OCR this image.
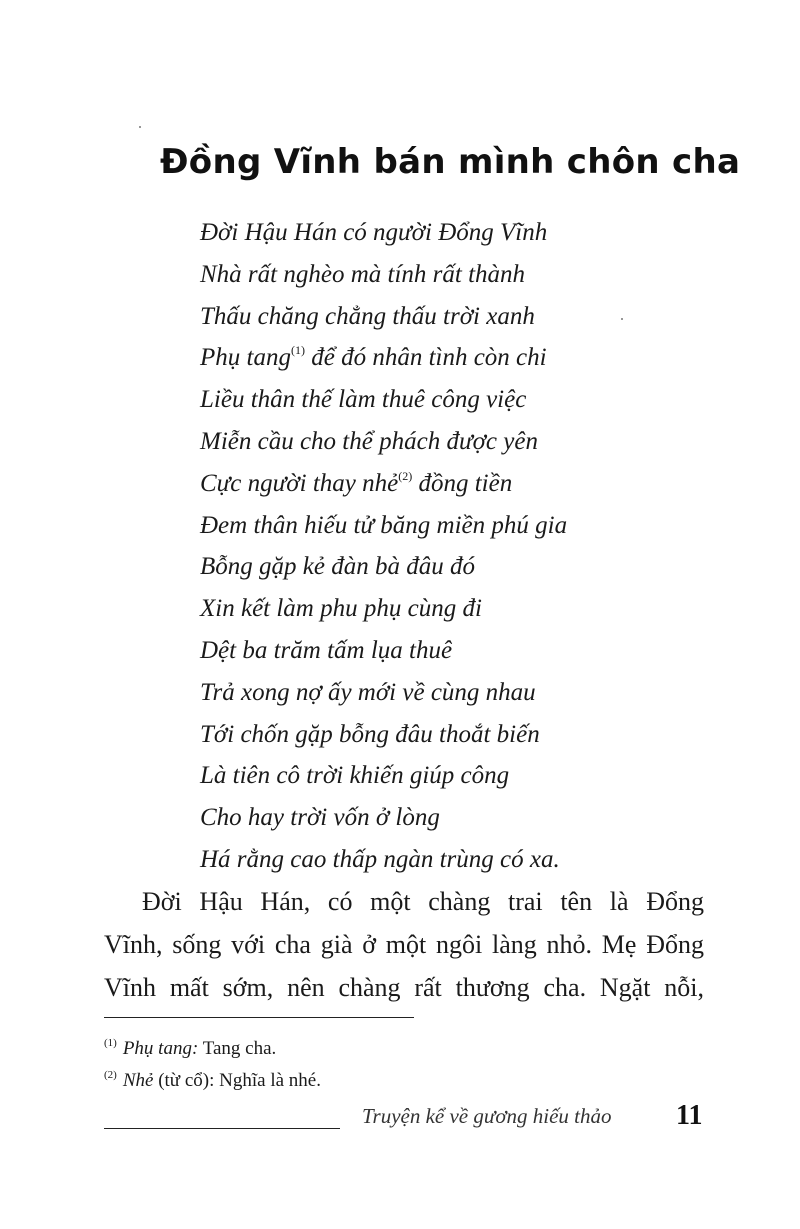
Đồng Vĩnh bán mình chôn cha
Đời Hậu Hán có người Đổng Vĩnh
Nhà rất nghèo mà tính rất thành
Thấu chăng chẳng thấu trời xanh
Phụ tang$^{(1)}$ để đó nhân tình còn chi
Liều thân thế làm thuê công việc
Miễn cầu cho thể phách được yên
Cực người thay nhẻ$^{(2)}$ đồng tiền
Đem thân hiếu tử băng miền phú gia
Bỗng gặp kẻ đàn bà đâu đó
Xin kết làm phu phụ cùng đi
Dệt ba trăm tấm lụa thuê
Trả xong nợ ấy mới về cùng nhau
Tới chốn gặp bỗng đâu thoắt biến
Là tiên cô trời khiến giúp công
Cho hay trời vốn ở lòng
Há rằng cao thấp ngàn trùng có xa.
Đời Hậu Hán, có một chàng trai tên là Đổng
Vĩnh, sống với cha già ở một ngôi làng nhỏ. Mẹ Đổng
Vĩnh mất sớm, nên chàng rất thương cha. Ngặt nỗi,
$^{(1)}$ Phụ tang: Tang cha.
$^{(2)}$ Nhẻ (từ cổ): Nghĩa là nhé.
Truyện kể về gương hiếu thảo 11
